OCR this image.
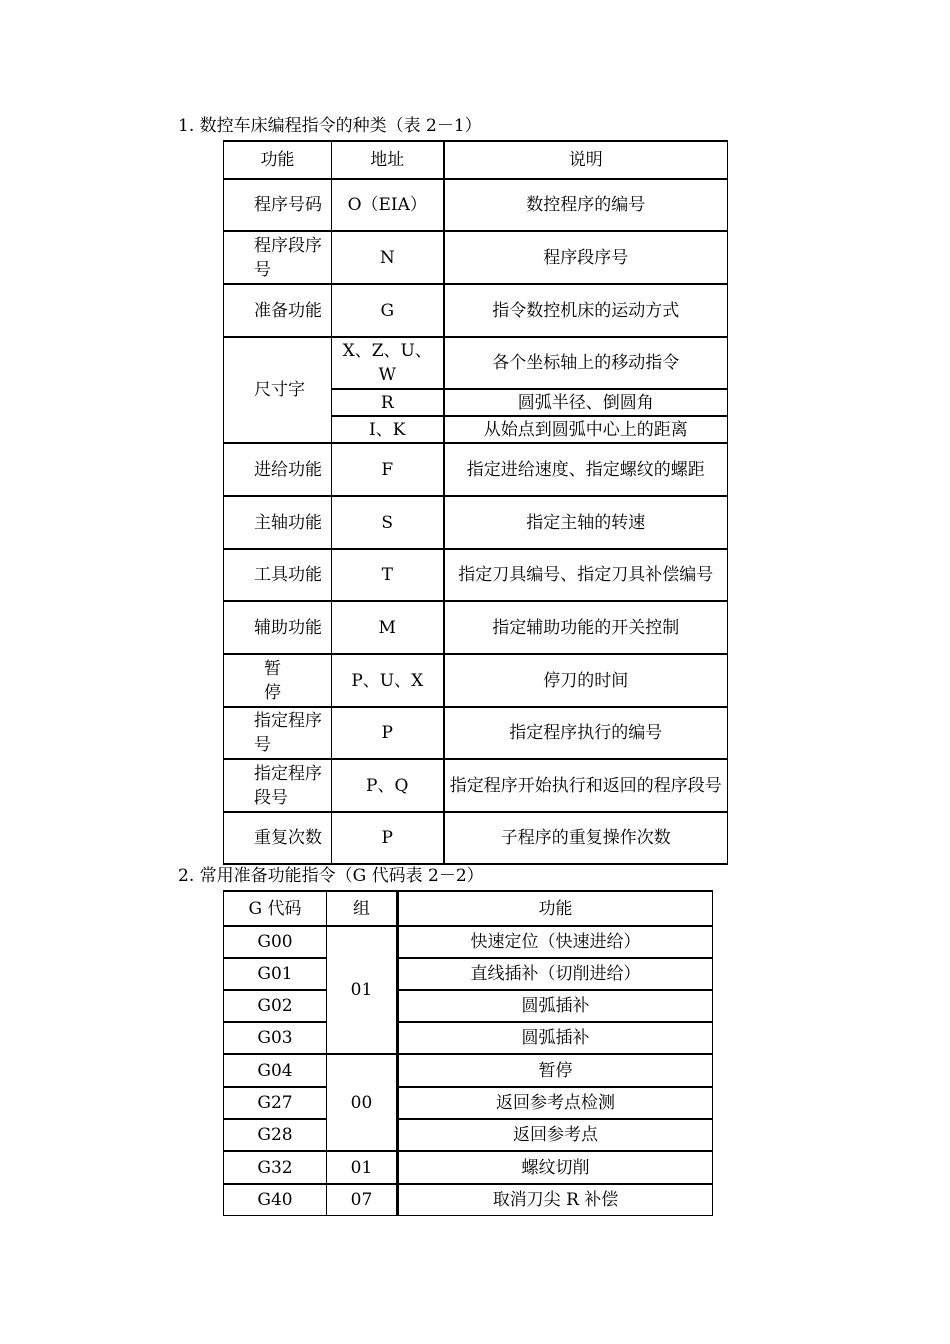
1. 数控车床编程指令的种类（表 2－1）
功能	地址	说明
程序号码	O（EIA）	数控程序的编号
程序段序号	N	程序段序号
准备功能	G	指令数控机床的运动方式
尺寸字	X、Z、U、W	各个坐标轴上的移动指令
	R	圆弧半径、倒圆角
	I、K	从始点到圆弧中心上的距离
进给功能	F	指定进给速度、指定螺纹的螺距
主轴功能	S	指定主轴的转速
工具功能	T	指定刀具编号、指定刀具补偿编号
辅助功能	M	指定辅助功能的开关控制
暂停	P、U、X	停刀的时间
指定程序号	P	指定程序执行的编号
指定程序段号	P、Q	指定程序开始执行和返回的程序段号
重复次数	P	子程序的重复操作次数
2. 常用准备功能指令（G 代码表 2－2）
G 代码	组	功能
G00	01	快速定位（快速进给）
G01		直线插补（切削进给）
G02		圆弧插补
G03		圆弧插补
G04	00	暂停
G27		返回参考点检测
G28		返回参考点
G32	01	螺纹切削
G40	07	取消刀尖 R 补偿
